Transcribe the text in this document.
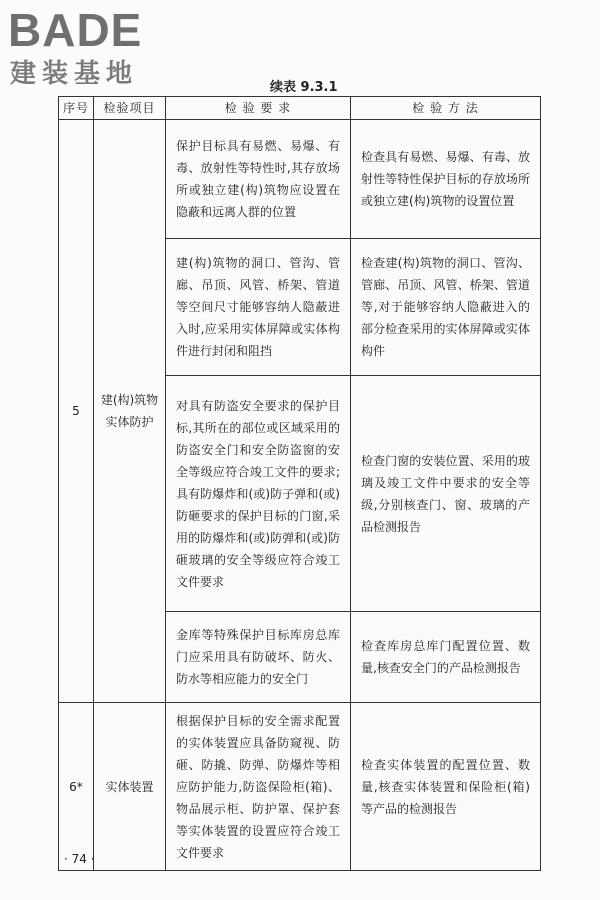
BADE
建装基地	续表 9.3.1
序号	检验项目	检 验 要 求	检 验 方 法
5	建(构)筑物实体防护	保护目标具有易燃、易爆、有毒、放射性等特性时,其存放场所或独立建(构)筑物应设置在隐蔽和远离人群的位置	检查具有易燃、易爆、有毒、放射性等特性保护目标的存放场所或独立建(构)筑物的设置位置
		建(构)筑物的洞口、管沟、管廊、吊顶、风管、桥架、管道等空间尺寸能够容纳人隐蔽进入时,应采用实体屏障或实体构件进行封闭和阻挡	检查建(构)筑物的洞口、管沟、管廊、吊顶、风管、桥架、管道等,对于能够容纳人隐蔽进入的部分检查采用的实体屏障或实体构件
		对具有防盗安全要求的保护目标,其所在的部位或区域采用的防盗安全门和安全防盗窗的安全等级应符合竣工文件的要求;具有防爆炸和(或)防子弹和(或)防砸要求的保护目标的门窗,采用的防爆炸和(或)防弹和(或)防砸玻璃的安全等级应符合竣工文件要求	检查门窗的安装位置、采用的玻璃及竣工文件中要求的安全等级,分别核查门、窗、玻璃的产品检测报告
		金库等特殊保护目标库房总库门应采用具有防破坏、防火、防水等相应能力的安全门	检查库房总库门配置位置、数量,核查安全门的产品检测报告
6*	实体装置	根据保护目标的安全需求配置的实体装置应具备防窥视、防砸、防撬、防弹、防爆炸等相应防护能力,防盗保险柜(箱)、物品展示柜、防护罩、保护套等实体装置的设置应符合竣工文件要求	检查实体装置的配置位置、数量,核查实体装置和保险柜(箱)等产品的检测报告
· 74 ·
